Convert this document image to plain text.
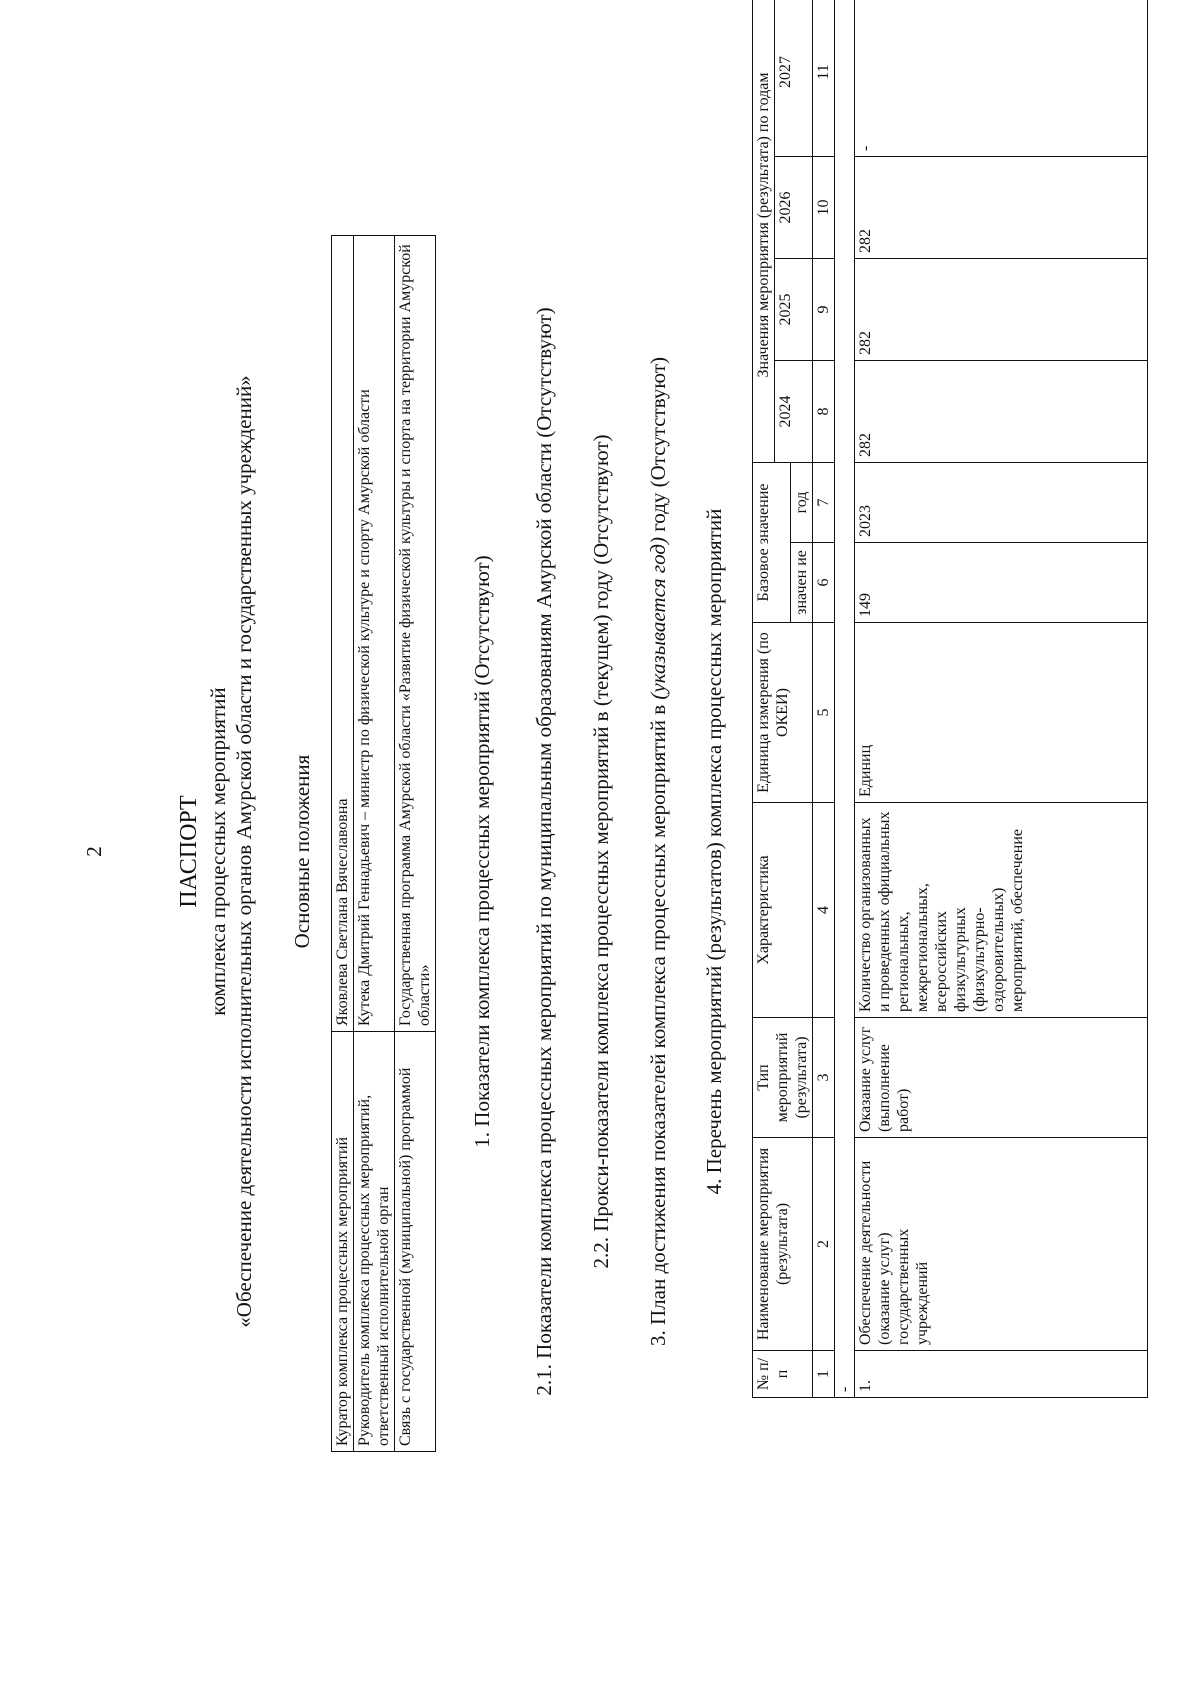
2	ПАСПОРТ комплекса процессных мероприятий «Обеспечение деятельности исполнительных органов Амурской области и государственных учреждений» Основные положения
Куратор комплекса процессных мероприятий	Яковлева Светлана Вячеславовна
Руководитель комплекса процессных мероприятий, ответственный исполнительной орган	Кутека Дмитрий Геннадьевич – министр по физической культуре и спорту Амурской области
Связь с государственной (муниципальной) программой	Государственная программа Амурской области «Развитие физической культуры и спорта на территории Амурской области» 1. Показатели комплекса процессных мероприятий (Отсутствуют) 2.1. Показатели комплекса процессных мероприятий по муниципальным образованиям Амурской области (Отсутствуют) 2.2. Прокси-показатели комплекса процессных мероприятий в (текущем) году (Отсутствуют) 3. План достижения показателей комплекса процессных мероприятий в (указывается год) году (Отсутствуют)
4. Перечень мероприятий (результатов) комплекса процессных мероприятий
№ п/п	Наименование мероприятия (результата)	Тип мероприятий (результата)	Характеристика	Единица измерения (по ОКЕИ)	Базовое значение		Значения мероприятия (результата) по годам			
							2024	2025	2026	2027
					значен ие	год				
1	2	3	4	5	6	7	8	9	10	11
-										
1.	Обеспечение деятельности (оказание услуг) государственных учреждений	Оказание услуг (выполнение работ)	Количество организованных и проведенных официальных региональных, межрегиональных, всероссийских физкультурных (физкультурно-оздоровительных) мероприятий, обеспечение	Единиц	149	2023	282	282	282	-
